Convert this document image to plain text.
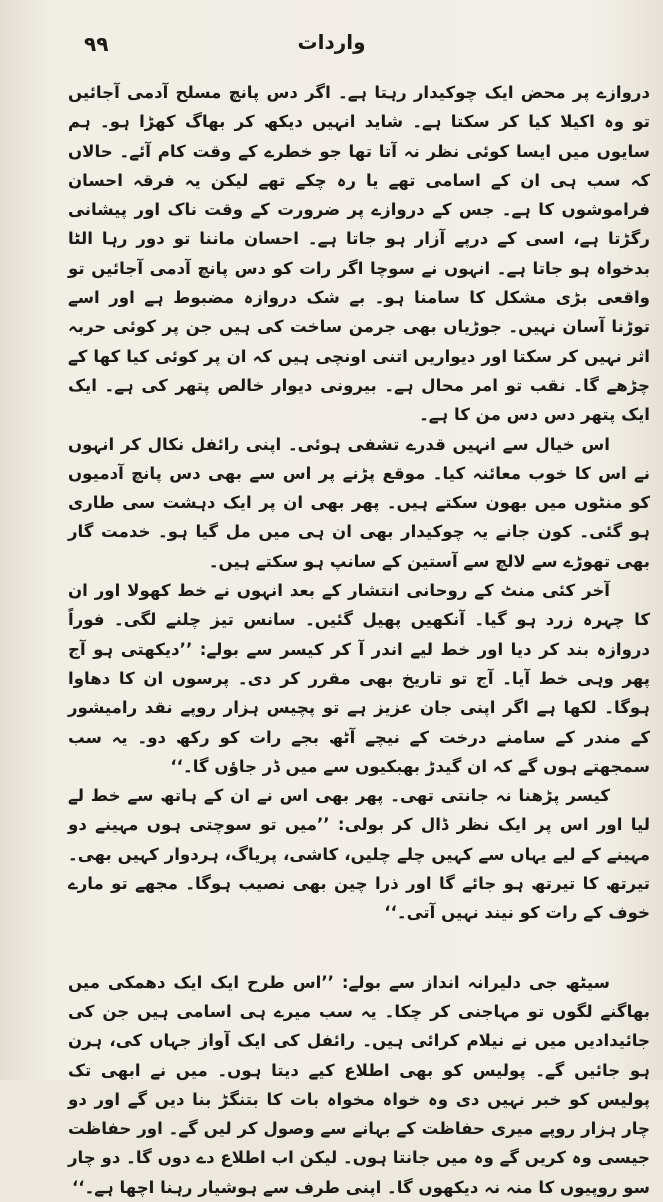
۹۹	واردات

دروازے پر محض ایک چوکیدار رہتا ہے۔ اگر دس پانچ مسلح آدمی آجائیں تو وہ اکیلا کیا کر سکتا ہے۔ شاید انہیں دیکھ کر بھاگ کھڑا ہو۔ ہم سایوں میں ایسا کوئی نظر نہ آتا تھا جو خطرے کے وقت کام آئے۔ حالاں کہ سب ہی ان کے اسامی تھے یا رہ چکے تھے لیکن یہ فرقہ احسان فراموشوں کا ہے۔ جس کے دروازے پر ضرورت کے وقت ناک اور پیشانی رگڑتا ہے، اسی کے درپے آزار ہو جاتا ہے۔ احسان ماننا تو دور رہا الٹا بدخواہ ہو جاتا ہے۔ انہوں نے سوچا اگر رات کو دس پانچ آدمی آجائیں تو واقعی بڑی مشکل کا سامنا ہو۔ بے شک دروازہ مضبوط ہے اور اسے توڑنا آسان نہیں۔ جوڑیاں بھی جرمن ساخت کی ہیں جن پر کوئی حربہ اثر نہیں کر سکتا اور دیواریں اتنی اونچی ہیں کہ ان پر کوئی کیا کھا کے چڑھے گا۔ نقب تو امر محال ہے۔ بیرونی دیوار خالص پتھر کی ہے۔ ایک ایک پتھر دس دس من کا ہے۔

اس خیال سے انہیں قدرے تشفی ہوئی۔ اپنی رائفل نکال کر انہوں نے اس کا خوب معائنہ کیا۔ موقع پڑنے پر اس سے بھی دس پانچ آدمیوں کو منٹوں میں بھون سکتے ہیں۔ پھر بھی ان پر ایک دہشت سی طاری ہو گئی۔ کون جانے یہ چوکیدار بھی ان ہی میں مل گیا ہو۔ خدمت گار بھی تھوڑے سے لالچ سے آستین کے سانپ ہو سکتے ہیں۔

آخر کئی منٹ کے روحانی انتشار کے بعد انہوں نے خط کھولا اور ان کا چہرہ زرد ہو گیا۔ آنکھیں پھیل گئیں۔ سانس تیز چلنے لگی۔ فوراً دروازہ بند کر دیا اور خط لیے اندر آ کر کیسر سے بولے: ’’دیکھتی ہو آج پھر وہی خط آیا۔ آج تو تاریخ بھی مقرر کر دی۔ پرسوں ان کا دھاوا ہوگا۔ لکھا ہے اگر اپنی جان عزیز ہے تو پچیس ہزار روپے نقد رامیشور کے مندر کے سامنے درخت کے نیچے آٹھ بجے رات کو رکھ دو۔ یہ سب سمجھتے ہوں گے کہ ان گیدڑ بھبکیوں سے میں ڈر جاؤں گا۔‘‘

کیسر پڑھنا نہ جانتی تھی۔ پھر بھی اس نے ان کے ہاتھ سے خط لے لیا اور اس پر ایک نظر ڈال کر بولی: ’’میں تو سوچتی ہوں مہینے دو مہینے کے لیے یہاں سے کہیں چلے چلیں، کاشی، پریاگ، ہردوار کہیں بھی۔ تیرتھ کا تیرتھ ہو جائے گا اور ذرا چین بھی نصیب ہوگا۔ مجھے تو مارے خوف کے رات کو نیند نہیں آتی۔‘‘

سیٹھ جی دلیرانہ انداز سے بولے: ’’اس طرح ایک ایک دھمکی میں بھاگنے لگوں تو مہاجنی کر چکا۔ یہ سب میرے ہی اسامی ہیں جن کی جائیدادیں میں نے نیلام کرائی ہیں۔ رائفل کی ایک آواز جہاں کی، ہرن ہو جائیں گے۔ پولیس کو بھی اطلاع کیے دیتا ہوں۔ میں نے ابھی تک پولیس کو خبر نہیں دی وہ خواہ مخواہ بات کا بتنگڑ بنا دیں گے اور دو چار ہزار روپے میری حفاظت کے بہانے سے وصول کر لیں گے۔ اور حفاظت جیسی وہ کریں گے وہ میں جانتا ہوں۔ لیکن اب اطلاع دے دوں گا۔ دو چار سو روپیوں کا منہ نہ دیکھوں گا۔ اپنی طرف سے ہوشیار رہنا اچھا ہے۔‘‘
